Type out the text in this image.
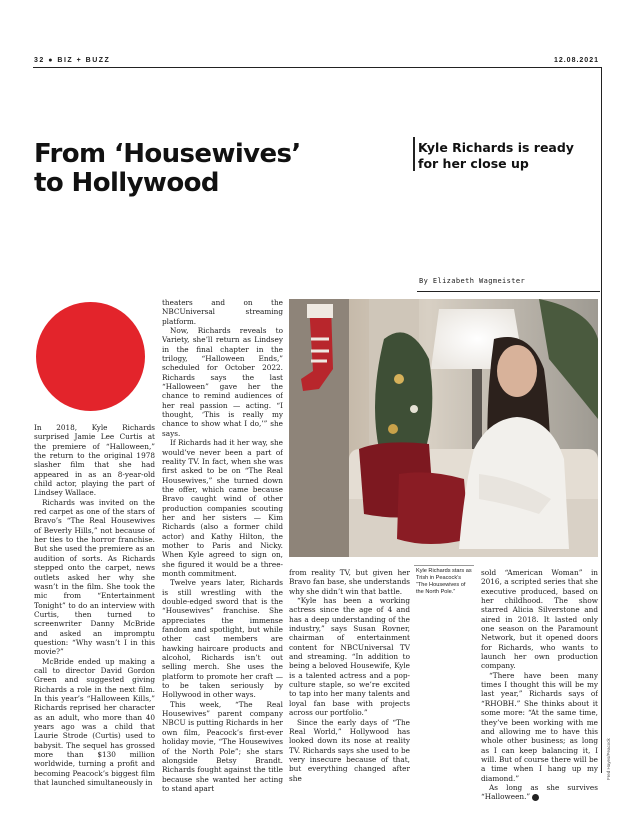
32 ● BIZ + BUZZ	12.08.2021
From ‘Housewives’ to Hollywood
Kyle Richards is ready for her close up
By Elizabeth Wagmeister
Kyle Richards stars as Trish in Peacock’s “The Housewives of the North Pole.”
Fred Hayes/Peacock

In 2018, Kyle Richards surprised Jamie Lee Curtis at the premiere of “Halloween,” the return to the original 1978 slasher film that she had appeared in as an 8-year-old child actor, playing the part of Lindsey Wallace.

Richards was invited on the red carpet as one of the stars of Bravo’s “The Real Housewives of Beverly Hills,” not because of her ties to the horror franchise. But she used the premiere as an audition of sorts. As Richards stepped onto the carpet, news outlets asked her why she wasn’t in the film. She took the mic from “Entertainment Tonight” to do an interview with Curtis, then turned to screenwriter Danny McBride and asked an impromptu question: “Why wasn’t I in this movie?”

McBride ended up making a call to director David Gordon Green and suggested giving Richards a role in the next film. In this year’s “Halloween Kills,” Richards reprised her character as an adult, who more than 40 years ago was a child that Laurie Strode (Curtis) used to babysit. The sequel has grossed more than $130 million worldwide, turning a profit and becoming Peacock’s biggest film that launched simultaneously in

theaters and on the NBCUniversal streaming platform.

Now, Richards reveals to Variety, she’ll return as Lindsey in the final chapter in the trilogy, “Halloween Ends,” scheduled for October 2022. Richards says the last “Halloween” gave her the chance to remind audiences of her real passion — acting. “I thought, ‘This is really my chance to show what I do,’” she says.

If Richards had it her way, she would’ve never been a part of reality TV. In fact, when she was first asked to be on “The Real Housewives,” she turned down the offer, which came because Bravo caught wind of other production companies scouting her and her sisters — Kim Richards (also a former child actor) and Kathy Hilton, the mother to Paris and Nicky. When Kyle agreed to sign on, she figured it would be a three-month commitment.

Twelve years later, Richards is still wrestling with the double-edged sword that is the “Housewives” franchise. She appreciates the immense fandom and spotlight, but while other cast members are hawking haircare products and alcohol, Richards isn’t out selling merch. She uses the platform to promote her craft — to be taken seriously by Hollywood in other ways.

This week, “The Real Housewives” parent company NBCU is putting Richards in her own film, Peacock’s first-ever holiday movie, “The Housewives of the North Pole”; she stars alongside Betsy Brandt. Richards fought against the title because she wanted her acting to stand apart

from reality TV, but given her Bravo fan base, she understands why she didn’t win that battle.

“Kyle has been a working actress since the age of 4 and has a deep understanding of the industry,” says Susan Rovner, chairman of entertainment content for NBCUniversal TV and streaming. “In addition to being a beloved Housewife, Kyle is a talented actress and a pop-culture staple, so we’re excited to tap into her many talents and loyal fan base with projects across our portfolio.”

Since the early days of “The Real World,” Hollywood has looked down its nose at reality TV. Richards says she used to be very insecure because of that, but everything changed after she

sold “American Woman” in 2016, a scripted series that she executive produced, based on her childhood. The show starred Alicia Silverstone and aired in 2018. It lasted only one season on the Paramount Network, but it opened doors for Richards, who wants to launch her own production company.

“There have been many times I thought this will be my last year,” Richards says of “RHOBH.” She thinks about it some more: “At the same time, they’ve been working with me and allowing me to have this whole other business; as long as I can keep balancing it, I will. But of course there will be a time when I hang up my diamond.”

As long as she survives “Halloween.” V
